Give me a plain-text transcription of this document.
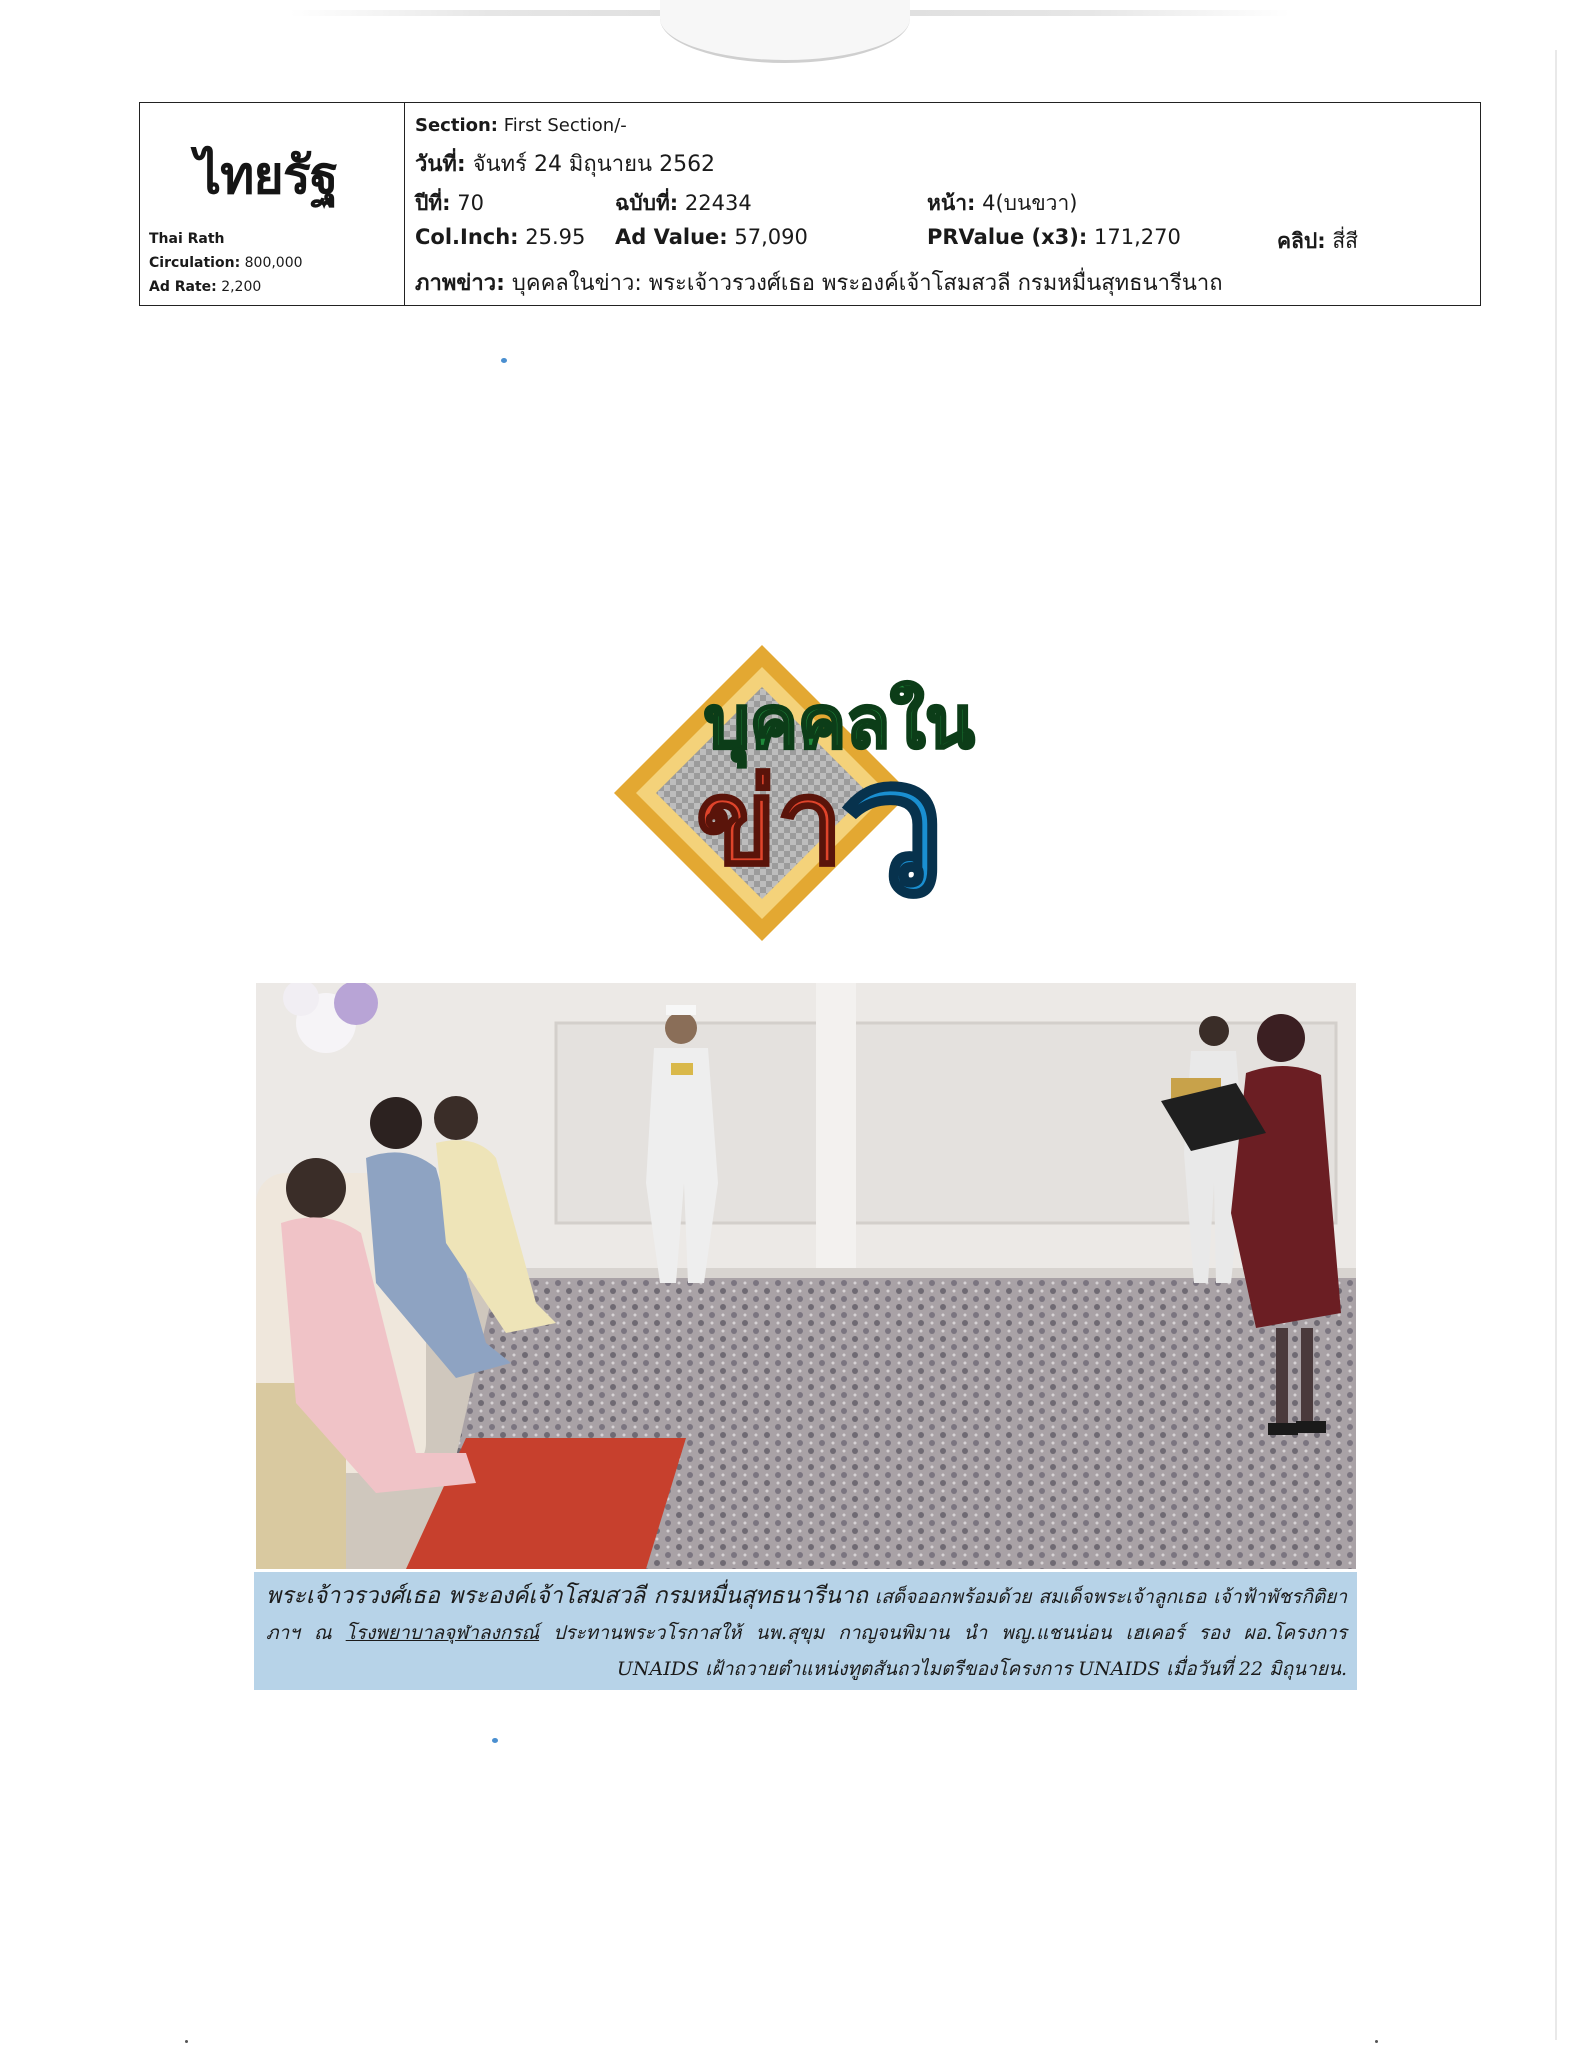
ไทยรัฐ
Thai Rath
Circulation: 800,000
Ad Rate: 2,200
Section: First Section/-
วันที่: จันทร์ 24 มิถุนายน 2562
ปีที่: 70	ฉบับที่: 22434	หน้า: 4(บนขวา)
Col.Inch: 25.95 Ad Value: 57,090	PRValue (x3): 171,270	คลิป: สี่สี
ภาพข่าว: บุคคลในข่าว: พระเจ้าวรวงศ์เธอ พระองค์เจ้าโสมสวลี กรมหมื่นสุทธนารีนาถ
บุคคลใน
ข่า
ว
พระเจ้าวรวงศ์เธอ พระองค์เจ้าโสมสวลี กรมหมื่นสุทธนารีนาถ เสด็จออกพร้อมด้วย สมเด็จพระเจ้าลูกเธอ เจ้าฟ้าพัชรกิติยาภาฯ ณ โรงพยาบาลจุฬาลงกรณ์ ประทานพระวโรกาสให้ นพ.สุขุม กาญจนพิมาน นำ พญ.แชนน่อน เฮเคอร์ รอง ผอ.โครงการ UNAIDS เฝ้าถวายตำแหน่งทูตสันถวไมตรีของโครงการ UNAIDS เมื่อวันที่ 22 มิถุนายน.
